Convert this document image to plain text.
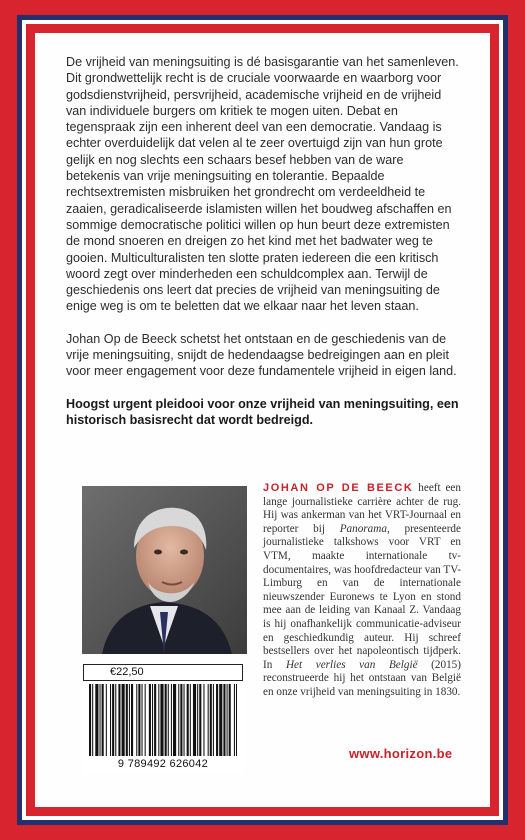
De vrijheid van meningsuiting is dé basisgarantie van het samenleven. Dit grondwettelijk recht is de cruciale voorwaarde en waarborg voor godsdienstvrijheid, persvrijheid, academische vrijheid en de vrijheid van individuele burgers om kritiek te mogen uiten. Debat en tegenspraak zijn een inherent deel van een democratie. Vandaag is echter overduidelijk dat velen al te zeer overtuigd zijn van hun grote gelijk en nog slechts een schaars besef hebben van de ware betekenis van vrije meningsuiting en tolerantie. Bepaalde rechtsextremisten misbruiken het grondrecht om verdeeldheid te zaaien, geradicaliseerde islamisten willen het boudweg afschaffen en sommige democratische politici willen op hun beurt deze extremisten de mond snoeren en dreigen zo het kind met het badwater weg te gooien. Multiculturalisten ten slotte praten iedereen die een kritisch woord zegt over minderheden een schuldcomplex aan. Terwijl de geschiedenis ons leert dat precies de vrijheid van meningsuiting de enige weg is om te beletten dat we elkaar naar het leven staan.

Johan Op de Beeck schetst het ontstaan en de geschiedenis van de vrije meningsuiting, snijdt de hedendaagse bedreigingen aan en pleit voor meer engagement voor deze fundamentele vrijheid in eigen land.

Hoogst urgent pleidooi voor onze vrijheid van meningsuiting, een historisch basisrecht dat wordt bedreigd.

JOHAN OP DE BEECK heeft een lange journalistieke carrière achter de rug. Hij was ankerman van het VRT-Journaal en reporter bij Panorama, presenteerde journalistieke talkshows voor VRT en VTM, maakte internationale tv-documentaires, was hoofdredacteur van TV-Limburg en van de internationale nieuwszender Euronews te Lyon en stond mee aan de leiding van Kanaal Z. Vandaag is hij onafhankelijk communicatie-adviseur en geschiedkundig auteur. Hij schreef bestsellers over het napoleontisch tijdperk. In Het verlies van België (2015) reconstrueerde hij het ontstaan van België en onze vrijheid van meningsuiting in 1830.
€22,50
9 789492 626042
www.horizon.be
